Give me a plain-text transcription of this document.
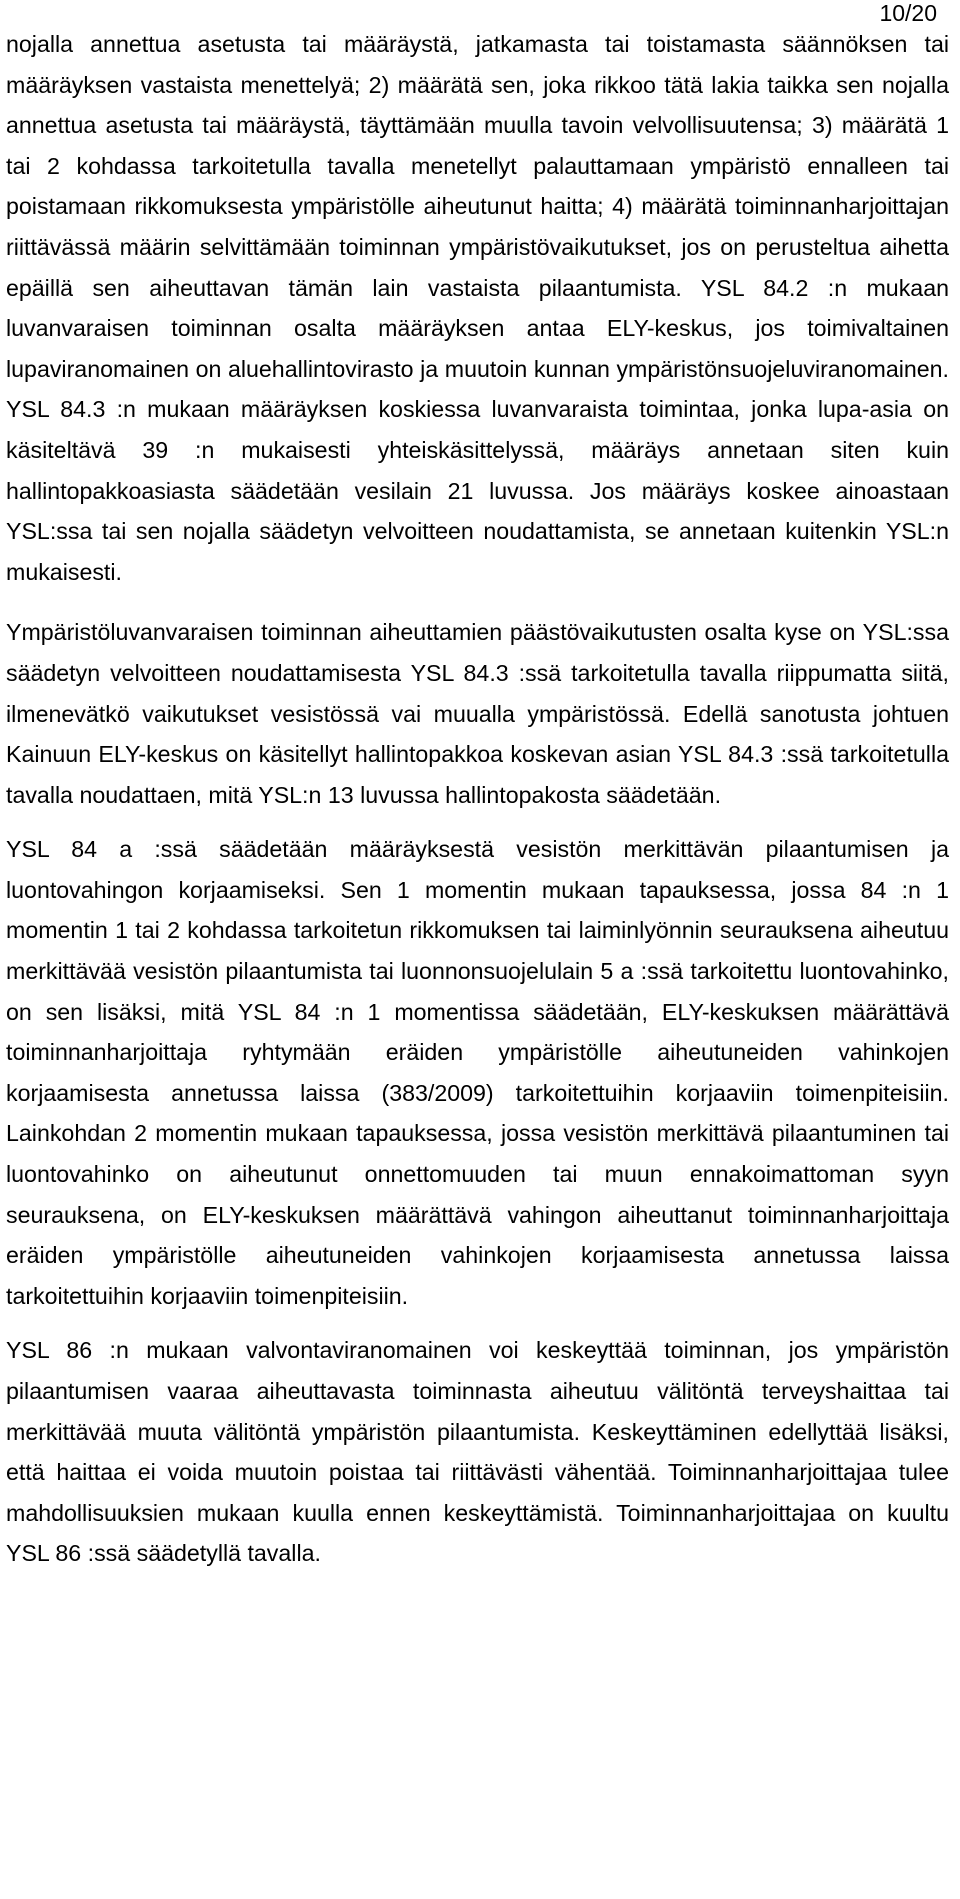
10/20

nojalla annettua asetusta tai määräystä, jatkamasta tai toistamasta säännöksen tai määräyksen vastaista menettelyä; 2) määrätä sen, joka rikkoo tätä lakia taikka sen nojalla annettua asetusta tai määräystä, täyttämään muulla tavoin velvollisuutensa; 3) määrätä 1 tai 2 kohdassa tarkoitetulla tavalla menetellyt palauttamaan ympäristö ennalleen tai poistamaan rikkomuksesta ympäristölle aiheutunut haitta; 4) määrätä toiminnanharjoittajan riittävässä määrin selvittämään toiminnan ympäristövaikutukset, jos on perusteltua aihetta epäillä sen aiheuttavan tämän lain vastaista pilaantumista. YSL 84.2 :n mukaan luvanvaraisen toiminnan osalta määräyksen antaa ELY-keskus, jos toimivaltainen lupaviranomainen on aluehallintovirasto ja muutoin kunnan ympäristönsuojeluviranomainen. YSL 84.3 :n mukaan määräyksen koskiessa luvanvaraista toimintaa, jonka lupa-asia on käsiteltävä 39 :n mukaisesti yhteiskäsittelyssä, määräys annetaan siten kuin hallintopakkoasiasta säädetään vesilain 21 luvussa. Jos määräys koskee ainoastaan YSL:ssa tai sen nojalla säädetyn velvoitteen noudattamista, se annetaan kuitenkin YSL:n mukaisesti.

Ympäristöluvanvaraisen toiminnan aiheuttamien päästövaikutusten osalta kyse on YSL:ssa säädetyn velvoitteen noudattamisesta YSL 84.3 :ssä tarkoitetulla tavalla riippumatta siitä, ilmenevätkö vaikutukset vesistössä vai muualla ympäristössä. Edellä sanotusta johtuen Kainuun ELY-keskus on käsitellyt hallintopakkoa koskevan asian YSL 84.3 :ssä tarkoitetulla tavalla noudattaen, mitä YSL:n 13 luvussa hallintopakosta säädetään.

YSL 84 a :ssä säädetään määräyksestä vesistön merkittävän pilaantumisen ja luontovahingon korjaamiseksi. Sen 1 momentin mukaan tapauksessa, jossa 84 :n 1 momentin 1 tai 2 kohdassa tarkoitetun rikkomuksen tai laiminlyönnin seurauksena aiheutuu merkittävää vesistön pilaantumista tai luonnonsuojelulain 5 a :ssä tarkoitettu luontovahinko, on sen lisäksi, mitä YSL 84 :n 1 momentissa säädetään, ELY-keskuksen määrättävä toiminnanharjoittaja ryhtymään eräiden ympäristölle aiheutuneiden vahinkojen korjaamisesta annetussa laissa (383/2009) tarkoitettuihin korjaaviin toimenpiteisiin. Lainkohdan 2 momentin mukaan tapauksessa, jossa vesistön merkittävä pilaantuminen tai luontovahinko on aiheutunut onnettomuuden tai muun ennakoimattoman syyn seurauksena, on ELY-keskuksen määrättävä vahingon aiheuttanut toiminnanharjoittaja eräiden ympäristölle aiheutuneiden vahinkojen korjaamisesta annetussa laissa tarkoitettuihin korjaaviin toimenpiteisiin.

YSL 86 :n mukaan valvontaviranomainen voi keskeyttää toiminnan, jos ympäristön pilaantumisen vaaraa aiheuttavasta toiminnasta aiheutuu välitöntä terveyshaittaa tai merkittävää muuta välitöntä ympäristön pilaantumista. Keskeyttäminen edellyttää lisäksi, että haittaa ei voida muutoin poistaa tai riittävästi vähentää. Toiminnanharjoittajaa tulee mahdollisuuksien mukaan kuulla ennen keskeyttämistä. Toiminnanharjoittajaa on kuultu YSL 86 :ssä säädetyllä tavalla.
